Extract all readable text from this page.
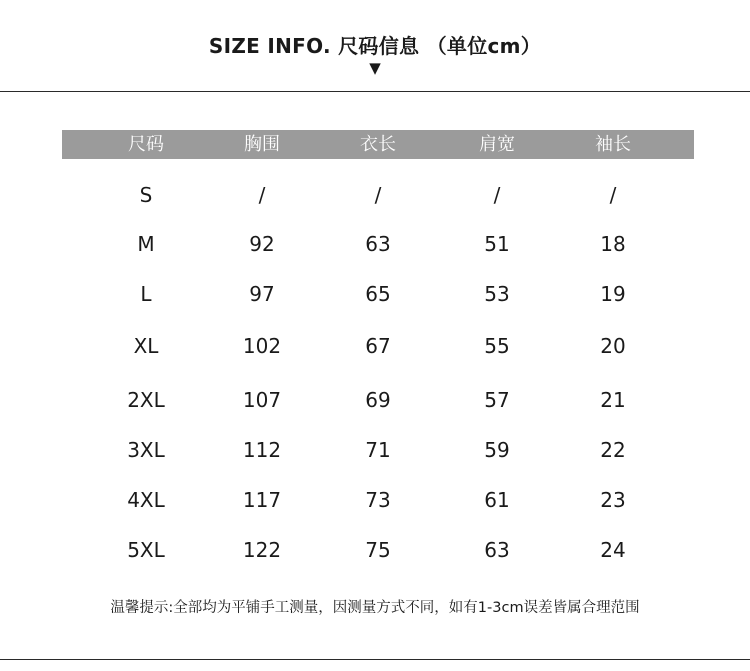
SIZE INFO. 尺码信息 （单位cm）
▼
尺码	胸围	衣长	肩宽	袖长
S	/	/	/	/
M	92	63	51	18
L	97	65	53	19
XL	102	67	55	20
2XL	107	69	57	21
3XL	112	71	59	22
4XL	117	73	61	23
5XL	122	75	63	24
温馨提示:全部均为平铺手工测量，因测量方式不同，如有1-3cm误差皆属合理范围
